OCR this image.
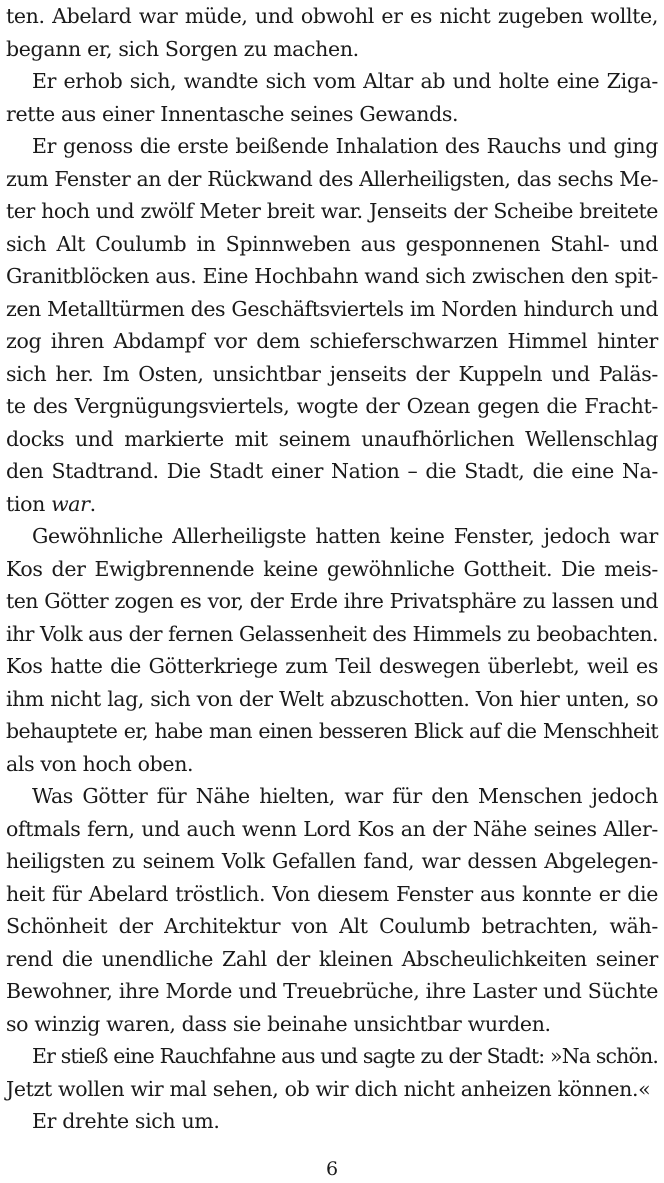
ten. Abelard war müde, und obwohl er es nicht zugeben wollte,
begann er, sich Sorgen zu machen.
Er erhob sich, wandte sich vom Altar ab und holte eine Ziga-
rette aus einer Innentasche seines Gewands.
Er genoss die erste beißende Inhalation des Rauchs und ging
zum Fenster an der Rückwand des Allerheiligsten, das sechs Me-
ter hoch und zwölf Meter breit war. Jenseits der Scheibe breitete
sich Alt Coulumb in Spinnweben aus gesponnenen Stahl- und
Granitblöcken aus. Eine Hochbahn wand sich zwischen den spit-
zen Metalltürmen des Geschäftsviertels im Norden hindurch und
zog ihren Abdampf vor dem schieferschwarzen Himmel hinter
sich her. Im Osten, unsichtbar jenseits der Kuppeln und Paläs-
te des Vergnügungsviertels, wogte der Ozean gegen die Fracht-
docks und markierte mit seinem unaufhörlichen Wellenschlag
den Stadtrand. Die Stadt einer Nation – die Stadt, die eine Na-
tion war.
Gewöhnliche Allerheiligste hatten keine Fenster, jedoch war
Kos der Ewigbrennende keine gewöhnliche Gottheit. Die meis-
ten Götter zogen es vor, der Erde ihre Privatsphäre zu lassen und
ihr Volk aus der fernen Gelassenheit des Himmels zu beobachten.
Kos hatte die Götterkriege zum Teil deswegen überlebt, weil es
ihm nicht lag, sich von der Welt abzuschotten. Von hier unten, so
behauptete er, habe man einen besseren Blick auf die Menschheit
als von hoch oben.
Was Götter für Nähe hielten, war für den Menschen jedoch
oftmals fern, und auch wenn Lord Kos an der Nähe seines Aller-
heiligsten zu seinem Volk Gefallen fand, war dessen Abgelegen-
heit für Abelard tröstlich. Von diesem Fenster aus konnte er die
Schönheit der Architektur von Alt Coulumb betrachten, wäh-
rend die unendliche Zahl der kleinen Abscheulichkeiten seiner
Bewohner, ihre Morde und Treuebrüche, ihre Laster und Süchte
so winzig waren, dass sie beinahe unsichtbar wurden.
Er stieß eine Rauchfahne aus und sagte zu der Stadt: »Na schön.
Jetzt wollen wir mal sehen, ob wir dich nicht anheizen können.«
Er drehte sich um.
6
